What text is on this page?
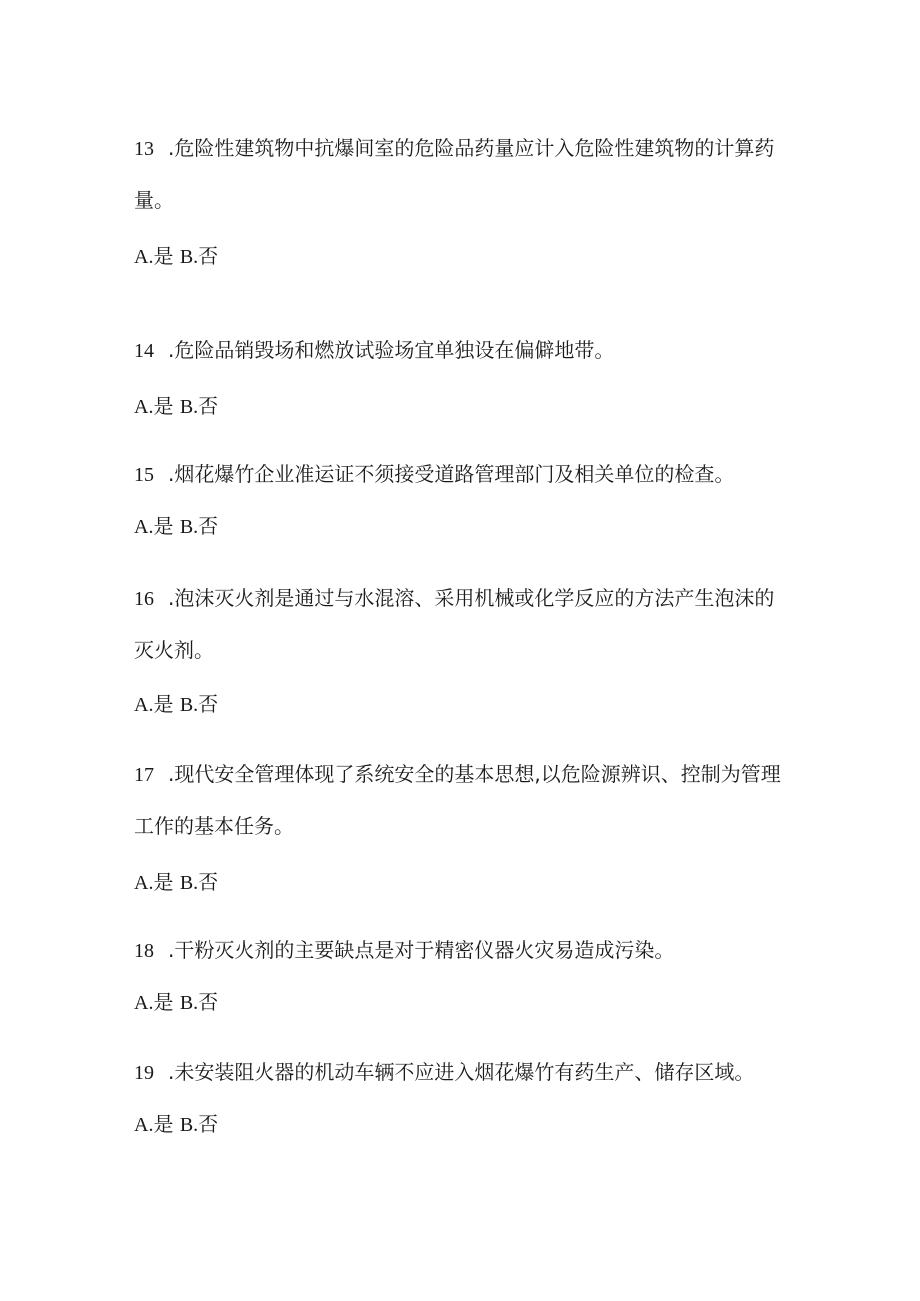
13 .危险性建筑物中抗爆间室的危险品药量应计入危险性建筑物的计算药
量。
A.是 B.否
14 .危险品销毁场和燃放试验场宜单独设在偏僻地带。
A.是 B.否
15 .烟花爆竹企业准运证不须接受道路管理部门及相关单位的检查。
A.是 B.否
16 .泡沫灭火剂是通过与水混溶、采用机械或化学反应的方法产生泡沫的
灭火剂。
A.是 B.否
17 .现代安全管理体现了系统安全的基本思想,以危险源辨识、控制为管理
工作的基本任务。
A.是 B.否
18 .干粉灭火剂的主要缺点是对于精密仪器火灾易造成污染。
A.是 B.否
19 .未安装阻火器的机动车辆不应进入烟花爆竹有药生产、储存区域。
A.是 B.否
